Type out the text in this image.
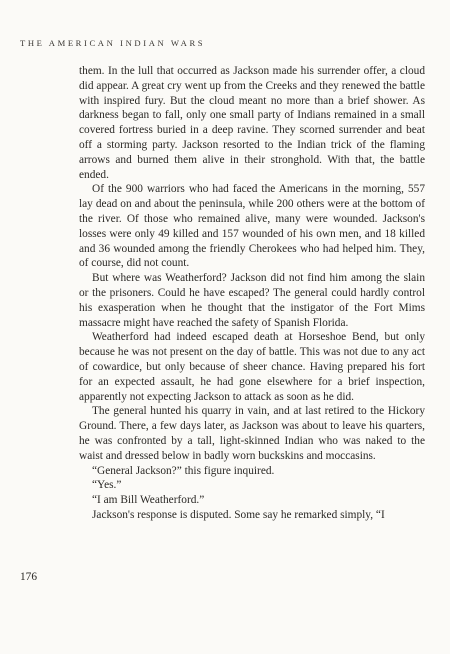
THE AMERICAN INDIAN WARS

them. In the lull that occurred as Jackson made his surrender offer, a cloud did appear. A great cry went up from the Creeks and they renewed the battle with inspired fury. But the cloud meant no more than a brief shower. As darkness began to fall, only one small party of Indians remained in a small covered fortress buried in a deep ravine. They scorned surrender and beat off a storming party. Jackson resorted to the Indian trick of the flaming arrows and burned them alive in their stronghold. With that, the battle ended.

Of the 900 warriors who had faced the Americans in the morning, 557 lay dead on and about the peninsula, while 200 others were at the bottom of the river. Of those who remained alive, many were wounded. Jackson's losses were only 49 killed and 157 wounded of his own men, and 18 killed and 36 wounded among the friendly Cherokees who had helped him. They, of course, did not count.

But where was Weatherford? Jackson did not find him among the slain or the prisoners. Could he have escaped? The general could hardly control his exasperation when he thought that the instigator of the Fort Mims massacre might have reached the safety of Spanish Florida.

Weatherford had indeed escaped death at Horseshoe Bend, but only because he was not present on the day of battle. This was not due to any act of cowardice, but only because of sheer chance. Having prepared his fort for an expected assault, he had gone elsewhere for a brief inspection, apparently not expecting Jackson to attack as soon as he did.

The general hunted his quarry in vain, and at last retired to the Hickory Ground. There, a few days later, as Jackson was about to leave his quarters, he was confronted by a tall, light-skinned Indian who was naked to the waist and dressed below in badly worn buckskins and moccasins.

“General Jackson?” this figure inquired.

“Yes.”

“I am Bill Weatherford.”

Jackson's response is disputed. Some say he remarked simply, “I

176
